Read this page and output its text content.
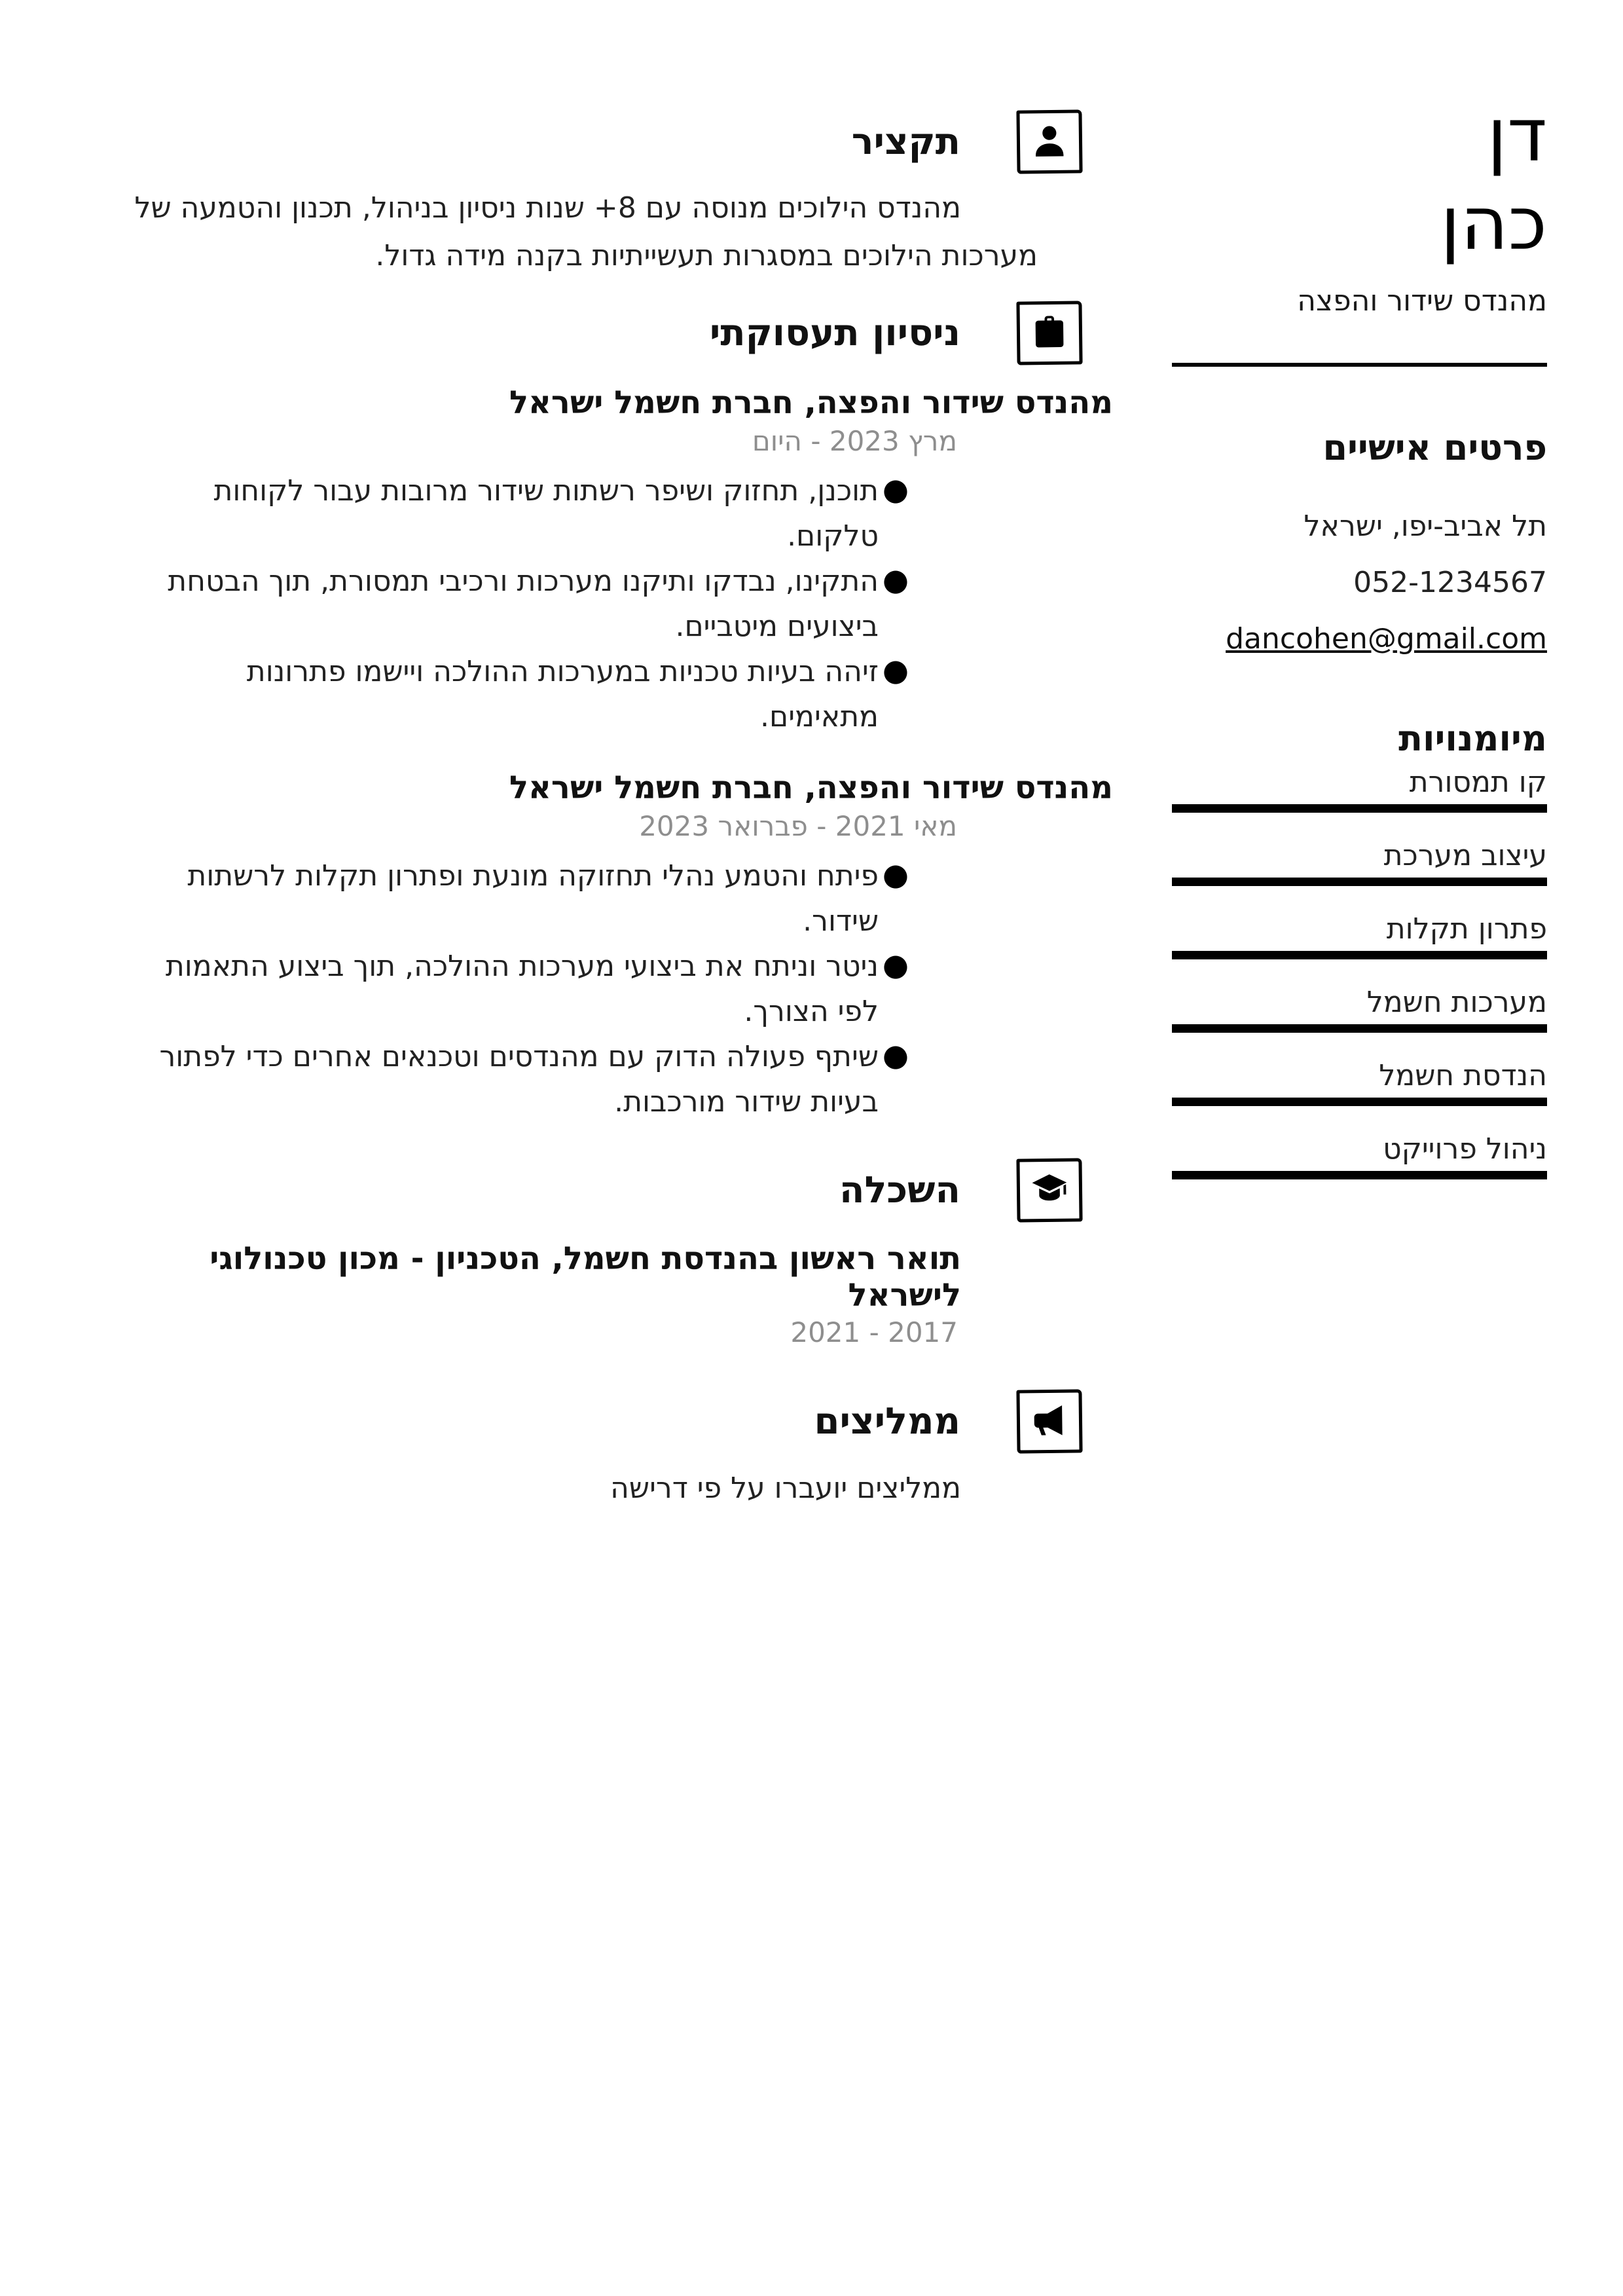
תקציר
מהנדס הילוכים מנוסה עם 8+ שנות ניסיון בניהול, תכנון והטמעה של מערכות הילוכים במסגרות תעשייתיות בקנה מידה גדול.
ניסיון תעסוקתי
מהנדס שידור והפצה, חברת חשמל ישראל
מרץ 2023 - היום
●
תוכנן, תחזוק ושיפר רשתות שידור מרובות עבור לקוחות טלקום.
●
התקינו, נבדקו ותיקנו מערכות ורכיבי תמסורת, תוך הבטחת ביצועים מיטביים.
●
זיהה בעיות טכניות במערכות ההולכה ויישמו פתרונות מתאימים.
מהנדס שידור והפצה, חברת חשמל ישראל
מאי 2021 - פברואר 2023
●
פיתח והטמע נהלי תחזוקה מונעת ופתרון תקלות לרשתות שידור.
●
ניטר וניתח את ביצועי מערכות ההולכה, תוך ביצוע התאמות לפי הצורך.
●
שיתף פעולה הדוק עם מהנדסים וטכנאים אחרים כדי לפתור בעיות שידור מורכבות.
השכלה
תואר ראשון בהנדסת חשמל, הטכניון - מכון טכנולוגי לישראל
2017 - 2021
ממליצים
ממליצים יועברו על פי דרישה
דן
כהן
מהנדס שידור והפצה
פרטים אישיים
תל אביב-יפו, ישראל
052-1234567
dancohen@gmail.com
מיומנויות
קו תמסורת
עיצוב מערכת
פתרון תקלות
מערכות חשמל
הנדסת חשמל
ניהול פרוייקט
